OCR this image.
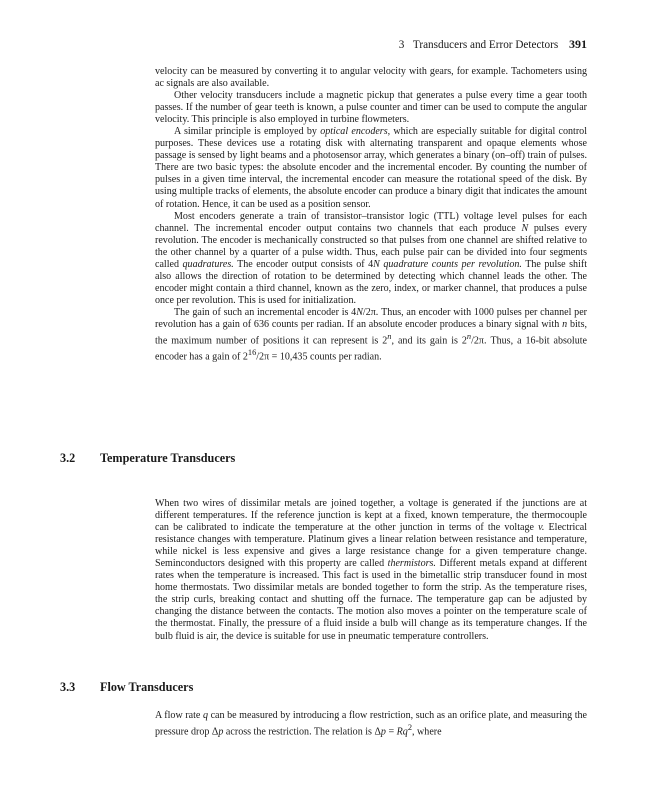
3 Transducers and Error Detectors 391

velocity can be measured by converting it to angular velocity with gears, for example. Tachometers using ac signals are also available.

Other velocity transducers include a magnetic pickup that generates a pulse every time a gear tooth passes. If the number of gear teeth is known, a pulse counter and timer can be used to compute the angular velocity. This principle is also employed in turbine flowmeters.

A similar principle is employed by optical encoders, which are especially suitable for digital control purposes. These devices use a rotating disk with alternating transparent and opaque elements whose passage is sensed by light beams and a photosensor array, which generates a binary (on–off) train of pulses. There are two basic types: the absolute encoder and the incremental encoder. By counting the number of pulses in a given time interval, the incremental encoder can measure the rotational speed of the disk. By using multiple tracks of elements, the absolute encoder can produce a binary digit that indicates the amount of rotation. Hence, it can be used as a position sensor.

Most encoders generate a train of transistor–transistor logic (TTL) voltage level pulses for each channel. The incremental encoder output contains two channels that each produce N pulses every revolution. The encoder is mechanically constructed so that pulses from one channel are shifted relative to the other channel by a quarter of a pulse width. Thus, each pulse pair can be divided into four segments called quadratures. The encoder output consists of 4N quadrature counts per revolution. The pulse shift also allows the direction of rotation to be determined by detecting which channel leads the other. The encoder might contain a third channel, known as the zero, index, or marker channel, that produces a pulse once per revolution. This is used for initialization.

The gain of such an incremental encoder is 4N/2π. Thus, an encoder with 1000 pulses per channel per revolution has a gain of 636 counts per radian. If an absolute encoder produces a binary signal with n bits, the maximum number of positions it can represent is 2$^n$, and its gain is 2$^n$/2π. Thus, a 16-bit absolute encoder has a gain of $2^{16}/2\pi = 10,435$ counts per radian.

3.2 Temperature Transducers

When two wires of dissimilar metals are joined together, a voltage is generated if the junctions are at different temperatures. If the reference junction is kept at a fixed, known temperature, the thermocouple can be calibrated to indicate the temperature at the other junction in terms of the voltage v. Electrical resistance changes with temperature. Platinum gives a linear relation between resistance and temperature, while nickel is less expensive and gives a large resistance change for a given temperature change. Seminconductors designed with this property are called thermistors. Different metals expand at different rates when the temperature is increased. This fact is used in the bimetallic strip transducer found in most home thermostats. Two dissimilar metals are bonded together to form the strip. As the temperature rises, the strip curls, breaking contact and shutting off the furnace. The temperature gap can be adjusted by changing the distance between the contacts. The motion also moves a pointer on the temperature scale of the thermostat. Finally, the pressure of a fluid inside a bulb will change as its temperature changes. If the bulb fluid is air, the device is suitable for use in pneumatic temperature controllers.

3.3 Flow Transducers

A flow rate q can be measured by introducing a flow restriction, such as an orifice plate, and measuring the pressure drop Δp across the restriction. The relation is $\Delta p = Rq^2$, where
